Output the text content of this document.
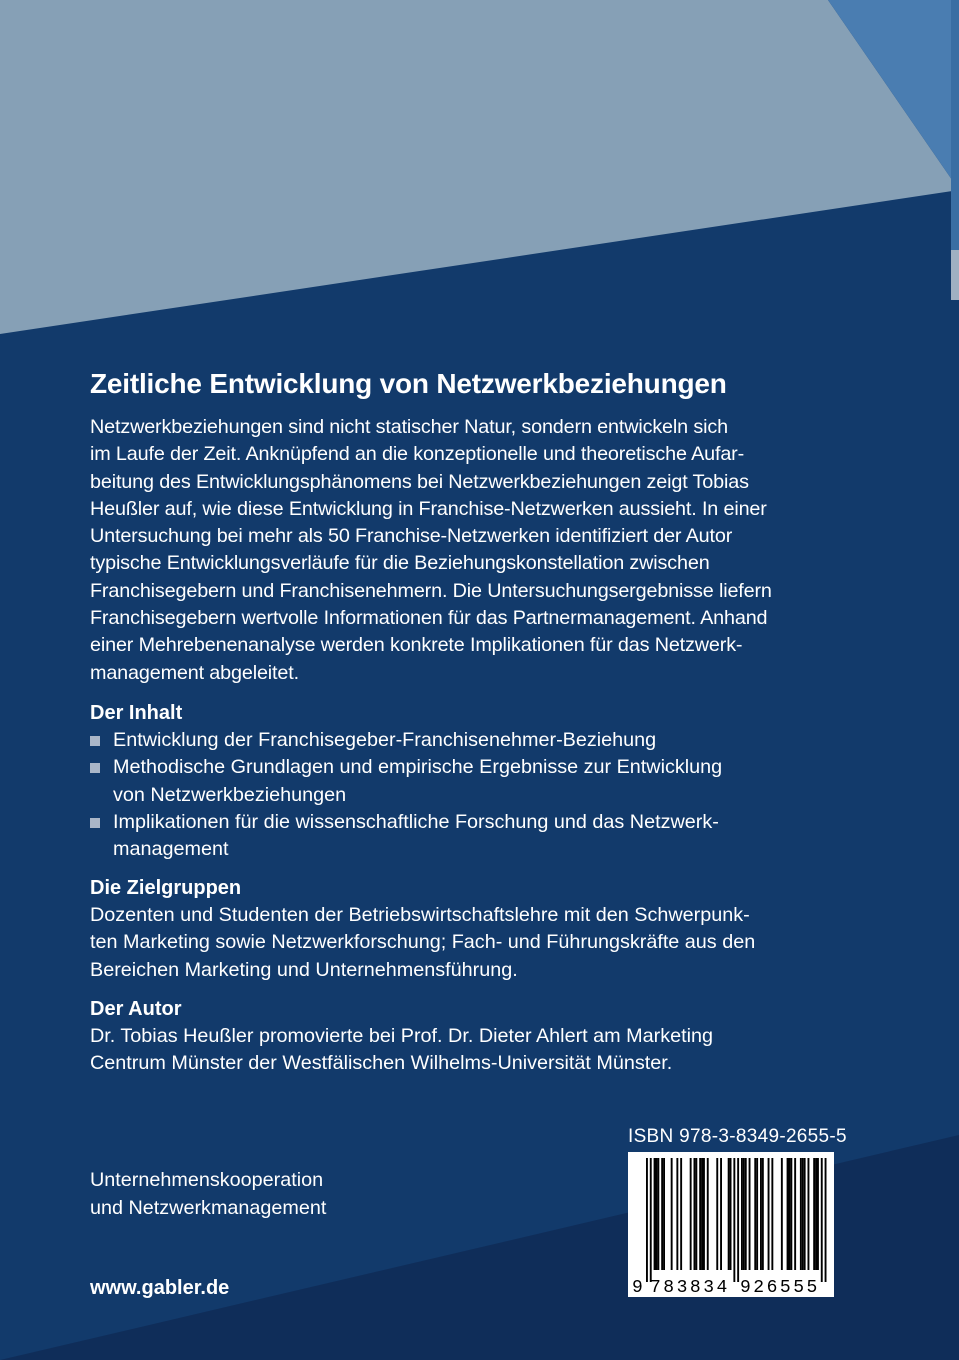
Zeitliche Entwicklung von Netzwerkbeziehungen

Netzwerkbeziehungen sind nicht statischer Natur, sondern entwickeln sich

im Laufe der Zeit. Anknüpfend an die konzeptionelle und theoretische Aufar-

beitung des Entwicklungsphänomens bei Netzwerkbeziehungen zeigt Tobias

Heußler auf, wie diese Entwicklung in Franchise-Netzwerken aussieht. In einer

Untersuchung bei mehr als 50 Franchise-Netzwerken identifiziert der Autor

typische Entwicklungsverläufe für die Beziehungskonstellation zwischen

Franchisegebern und Franchisenehmern. Die Untersuchungsergebnisse liefern

Franchisegebern wertvolle Informationen für das Partnermanagement. Anhand

einer Mehrebenenanalyse werden konkrete Implikationen für das Netzwerk-

management abgeleitet.

Der Inhalt
Entwicklung der Franchisegeber-Franchisenehmer-Beziehung
Methodische Grundlagen und empirische Ergebnisse zur Entwicklung
von Netzwerkbeziehungen
Implikationen für die wissenschaftliche Forschung und das Netzwerk-
management
Die Zielgruppen
Dozenten und Studenten der Betriebswirtschaftslehre mit den Schwerpunk-
ten Marketing sowie Netzwerkforschung; Fach- und Führungskräfte aus den
Bereichen Marketing und Unternehmensführung.
Der Autor
Dr. Tobias Heußler promovierte bei Prof. Dr. Dieter Ahlert am Marketing
Centrum Münster der Westfälischen Wilhelms-Universität Münster.
Unternehmenskooperation
und Netzwerkmanagement
www.gabler.de
ISBN 978-3-8349-2655-5
9 783834 926555
